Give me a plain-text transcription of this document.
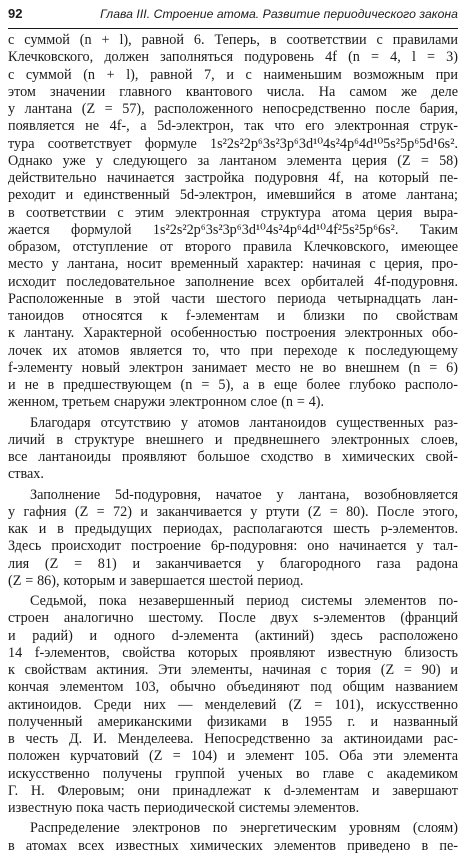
92	Глава III. Строение атома. Развитие периодического закона
с суммой (n + l), равной 6. Теперь, в соответствии с правилами
Клечковского, должен заполняться подуровень 4f (n = 4, l = 3)
с суммой (n + l), равной 7, и с наименьшим возможным при
этом значении главного квантового числа. На самом же деле
у лантана (Z = 57), расположенного непосредственно после бария,
появляется не 4f-, а 5d-электрон, так что его электронная струк-
тура соответствует формуле 1s²2s²2p⁶3s²3p⁶3d¹⁰4s²4p⁶4d¹⁰5s²5p⁶5d¹6s².
Однако уже у следующего за лантаном элемента церия (Z = 58)
действительно начинается застройка подуровня 4f, на который пе-
реходит и единственный 5d-электрон, имевшийся в атоме лантана;
в соответствии с этим электронная структура атома церия выра-
жается формулой 1s²2s²2p⁶3s²3p⁶3d¹⁰4s²4p⁶4d¹⁰4f²5s²5p⁶6s². Таким
образом, отступление от второго правила Клечковского, имеющее
место у лантана, носит временный характер: начиная с церия, про-
исходит последовательное заполнение всех орбиталей 4f-подуровня.
Расположенные в этой части шестого периода четырнадцать лан-
таноидов относятся к f-элементам и близки по свойствам
к лантану. Характерной особенностью построения электронных обо-
лочек их атомов является то, что при переходе к последующему
f-элементу новый электрон занимает место не во внешнем (n = 6)
и не в предшествующем (n = 5), а в еще более глубоко располо-
женном, третьем снаружи электронном слое (n = 4).
Благодаря отсутствию у атомов лантаноидов существенных раз-
личий в структуре внешнего и предвнешнего электронных слоев,
все лантаноиды проявляют большое сходство в химических свой-
ствах.
Заполнение 5d-подуровня, начатое у лантана, возобновляется
у гафния (Z = 72) и заканчивается у ртути (Z = 80). После этого,
как и в предыдущих периодах, располагаются шесть p-элементов.
Здесь происходит построение 6p-подуровня: оно начинается у тал-
лия (Z = 81) и заканчивается у благородного газа радона
(Z = 86), которым и завершается шестой период.
Седьмой, пока незавершенный период системы элементов по-
строен аналогично шестому. После двух s-элементов (франций
и радий) и одного d-элемента (актиний) здесь расположено
14 f-элементов, свойства которых проявляют известную близость
к свойствам актиния. Эти элементы, начиная с тория (Z = 90) и
кончая элементом 103, обычно объединяют под общим названием
актиноидов. Среди них — менделевий (Z = 101), искусственно
полученный американскими физиками в 1955 г. и названный
в честь Д. И. Менделеева. Непосредственно за актиноидами рас-
положен курчатовий (Z = 104) и элемент 105. Оба эти элемента
искусственно получены группой ученых во главе с академиком
Г. Н. Флеровым; они принадлежат к d-элементам и завершают
известную пока часть периодической системы элементов.
Распределение электронов по энергетическим уровням (слоям)
в атомах всех известных химических элементов приведено в пе-
